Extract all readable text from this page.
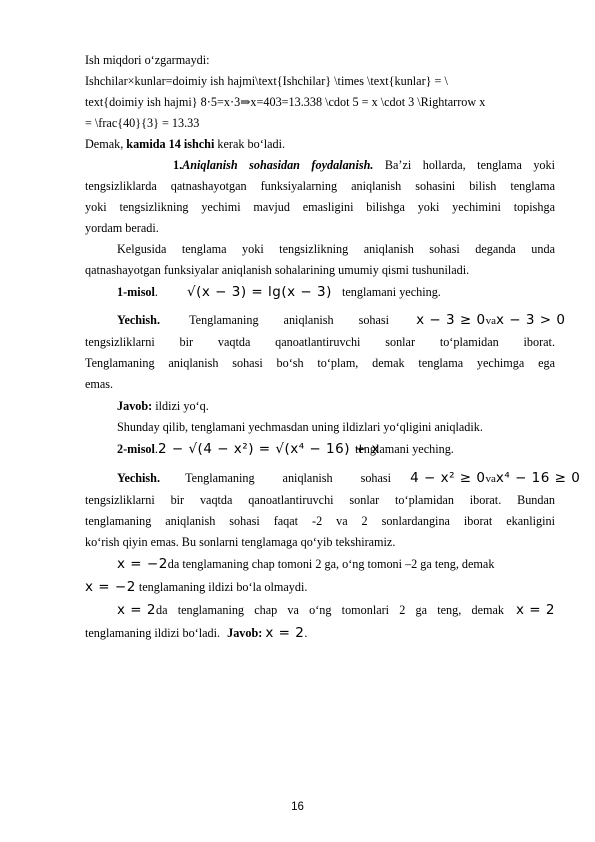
Ish miqdori o‘zgarmaydi:
Ishchilar×kunlar=doimiy ish hajmi\text{Ishchilar} \times \text{kunlar} = \
text{doimiy ish hajmi} 8⋅5=x⋅3⇒x=403=13.338 \cdot 5 = x \cdot 3 \Rightarrow x
= \frac{40}{3} = 13.33
Demak, kamida 14 ishchi kerak bo‘ladi.
1.Aniqlanish sohasidan foydalanish. Ba’zi hollarda, tenglama yoki
tengsizliklarda qatnashayotgan funksiyalarning aniqlanish sohasini bilish tenglama
yoki tengsizlikning yechimi mavjud emasligini bilishga yoki yechimini topishga
yordam beradi.
Kelgusida tenglama yoki tengsizlikning aniqlanish sohasi deganda unda
qatnashayotgan funksiyalar aniqlanish sohalarining umumiy qismi tushuniladi.
1-misol. √(x − 3) = lg(x − 3) tenglamani yeching.
Yechish. Tenglamaning aniqlanish sohasi x − 3 ≥ 0vax − 3 > 0
tengsizliklarni bir vaqtda qanoatlantiruvchi sonlar to‘plamidan iborat.
Tenglamaning aniqlanish sohasi bo‘sh to‘plam, demak tenglama yechimga ega
emas.
Javob: ildizi yo‘q.
Shunday qilib, tenglamani yechmasdan uning ildizlari yo‘qligini aniqladik.
2-misol.2 − √(4 − x²) = √(x⁴ − 16) + x tenglamani yeching.
Yechish. Tenglamaning aniqlanish sohasi 4 − x² ≥ 0vax⁴ − 16 ≥ 0
tengsizliklarni bir vaqtda qanoatlantiruvchi sonlar to‘plamidan iborat. Bundan
tenglamaning aniqlanish sohasi faqat -2 va 2 sonlardangina iborat ekanligini
ko‘rish qiyin emas. Bu sonlarni tenglamaga qo‘yib tekshiramiz.
x = −2da tenglamaning chap tomoni 2 ga, o‘ng tomoni –2 ga teng, demak
x = −2 tenglamaning ildizi bo‘la olmaydi.
x = 2da tenglamaning chap va o‘ng tomonlari 2 ga teng, demak x = 2
tenglamaning ildizi bo‘ladi. Javob: x = 2.
16
